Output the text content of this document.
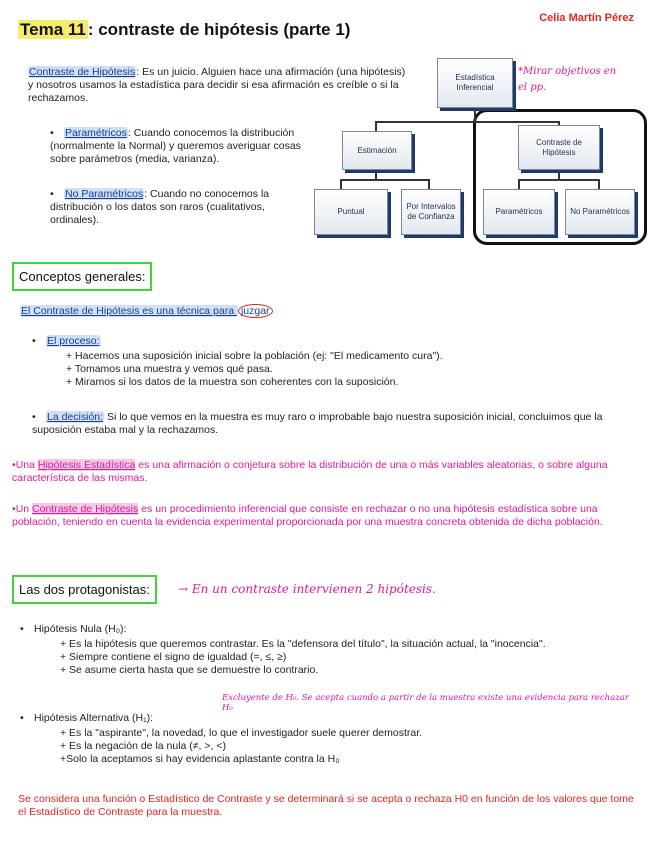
Tema 11 : contraste de hipótesis (parte 1)
Celia Martín Pérez
Contraste de Hipótesis: Es un juicio. Alguien hace una afirmación (una hipótesis) y nosotros usamos la estadística para decidir si esa afirmación es creíble o si la rechazamos.
• Paramétricos: Cuando conocemos la distribución (normalmente la Normal) y queremos averiguar cosas sobre parámetros (media, varianza).
• No Paramétricos: Cuando no conocemos la distribución o los datos son raros (cualitativos, ordinales).
Estadística Inferencial
Estimación
Contraste de Hipótesis
Puntual
Por Intervalos de Confianza
Paramétricos	No Paramétricos
*Mirar objetivos en el pp.
Conceptos generales:
El Contraste de Hipótesis es una técnica para juzgar
• El proceso:
+ Hacemos una suposición inicial sobre la población (ej: "El medicamento cura").
+ Tomamos una muestra y vemos qué pasa.
+ Miramos si los datos de la muestra son coherentes con la suposición.
• La decisión: Si lo que vemos en la muestra es muy raro o improbable bajo nuestra suposición inicial, concluimos que la suposición estaba mal y la rechazamos.
•Una Hipótesis Estadística es una afirmación o conjetura sobre la distribución de una o más variables aleatorias, o sobre alguna característica de las mismas.
•Un Contraste de Hipótesis es un procedimiento inferencial que consiste en rechazar o no una hipótesis estadística sobre una población, teniendo en cuenta la evidencia experimental proporcionada por una muestra concreta obtenida de dicha población.
Las dos protagonistas:	→ En un contraste intervienen 2 hipótesis.
• Hipótesis Nula (H₀):
+ Es la hipótesis que queremos contrastar. Es la "defensora del título", la situación actual, la "inocencia".
+ Siempre contiene el signo de igualdad (=, ≤, ≥)
+ Se asume cierta hasta que se demuestre lo contrario.
Excluyente de H₀. Se acepta cuando a partir de la muestra existe una evidencia para rechazar H₀
• Hipótesis Alternativa (H₁):
+ Es la "aspirante", la novedad, lo que el investigador suele querer demostrar.
+ Es la negación de la nula (≠, >, <)
+Solo la aceptamos si hay evidencia aplastante contra la H₀
Se considera una función o Estadístico de Contraste y se determinará si se acepta o rechaza H0 en función de los valores que tome el Estadístico de Contraste para la muestra.
